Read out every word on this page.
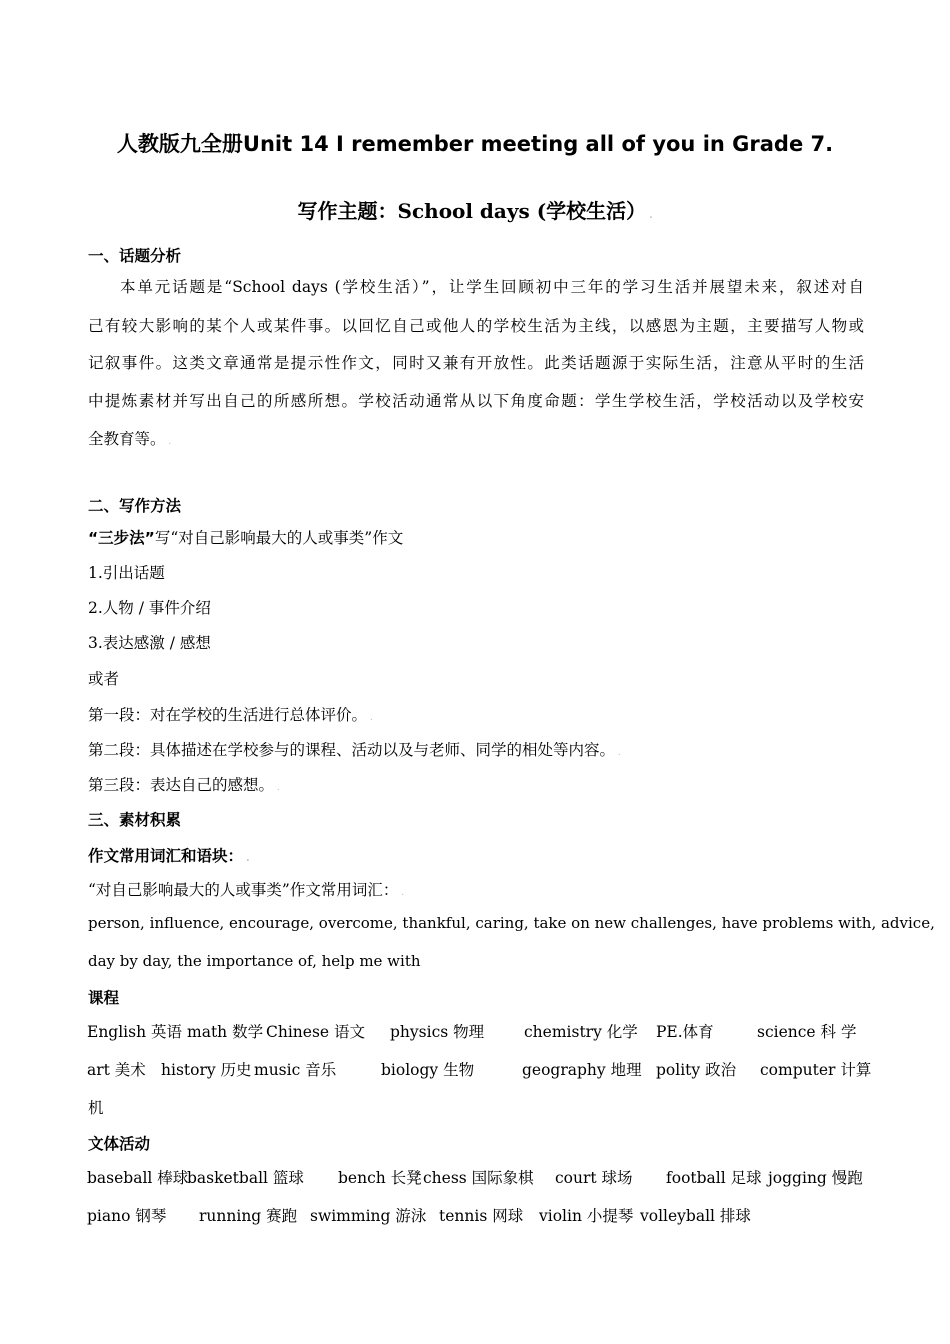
人教版九全册Unit 14 I remember meeting all of you in Grade 7.
写作主题：School days (学校生活） .
一、话题分析
本单元话题是“School days (学校生活）”，让学生回顾初中三年的学习生活并展望未来，叙述对自
己有较大影响的某个人或某件事。以回忆自己或他人的学校生活为主线，以感恩为主题，主要描写人物或
记叙事件。这类文章通常是提示性作文，同时又兼有开放性。此类话题源于实际生活，注意从平时的生活
中提炼素材并写出自己的所感所想。学校活动通常从以下角度命题：学生学校生活，学校活动以及学校安
全教育等。 .
二、写作方法
“三步法”写“对自己影响最大的人或事类”作文
1.引出话题
2.人物 / 事件介绍
3.表达感激 / 感想
或者
第一段：对在学校的生活进行总体评价。 .
第二段：具体描述在学校参与的课程、活动以及与老师、同学的相处等内容。 .
第三段：表达自己的感想。 .
三、素材积累
作文常用词汇和语块： .
“对自己影响最大的人或事类”作文常用词汇： .
person, influence, encourage, overcome, thankful, caring, take on new challenges, have problems with, advice,
day by day, the importance of, help me with
课程
English 英语 math 数学 Chinese 语文 physics 物理	chemistry 化学 PE.体育	science 科 学
art 美术 history 历史 music 音乐	biology 生物	geography 地理 polity 政治 computer 计算
机
文体活动
baseball 棒球
basketball 篮球 bench 长凳 chess 国际象棋 court 球场 football 足球 jogging 慢跑
piano 钢琴 running 赛跑 swimming 游泳 tennis 网球 violin 小提琴 volleyball 排球
